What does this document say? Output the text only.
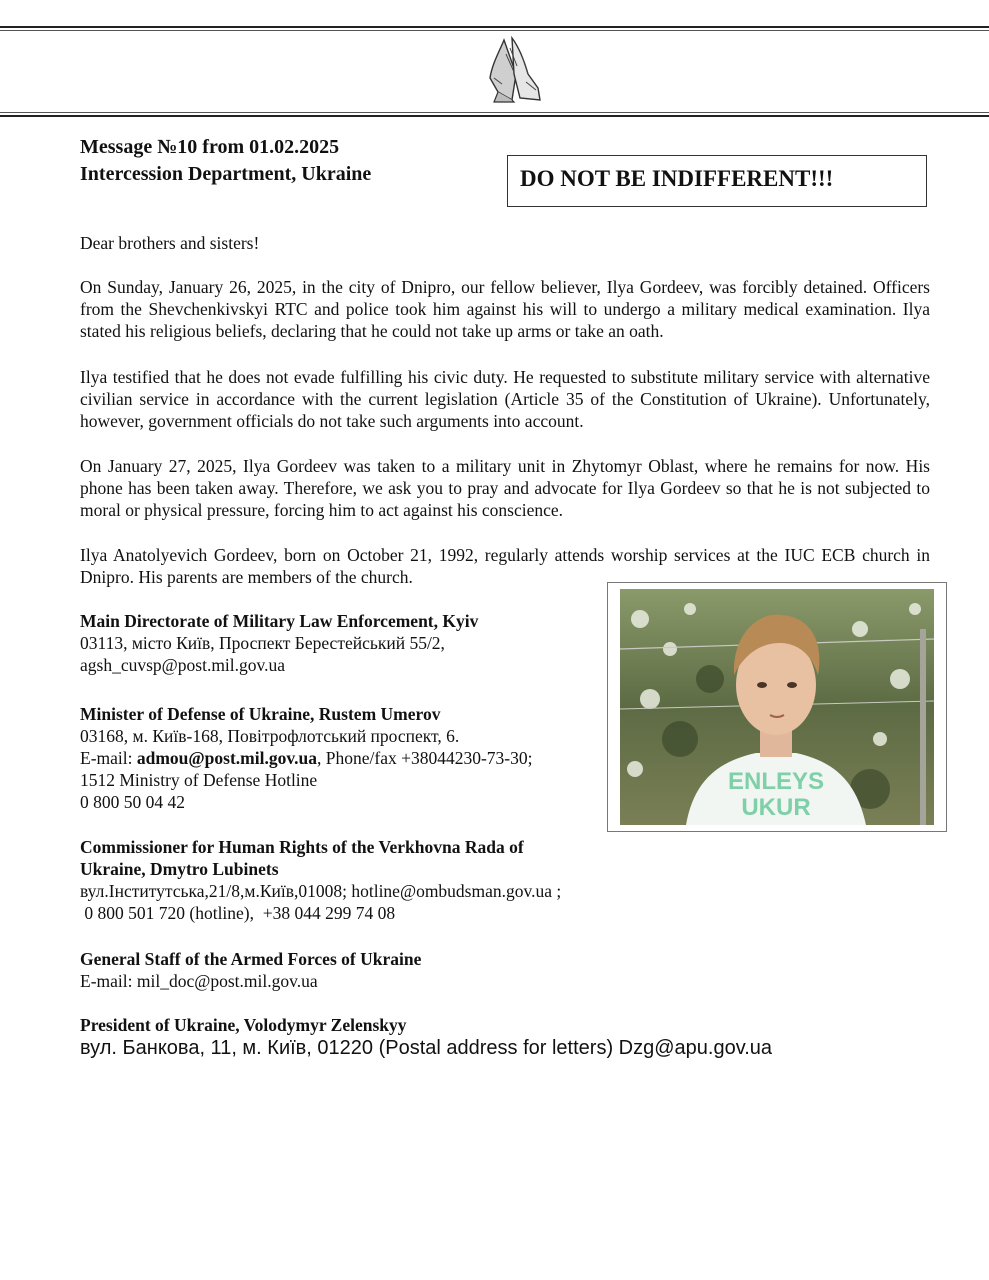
Message №10 from 01.02.2025
Intercession Department, Ukraine	DO NOT BE INDIFFERENT!!!
Dear brothers and sisters!
On Sunday, January 26, 2025, in the city of Dnipro, our fellow believer, Ilya Gordeev, was forcibly detained. Officers from the Shevchenkivskyi RTC and police took him against his will to undergo a military medical examination. Ilya stated his religious beliefs, declaring that he could not take up arms or take an oath.
Ilya testified that he does not evade fulfilling his civic duty. He requested to substitute military service with alternative civilian service in accordance with the current legislation (Article 35 of the Constitution of Ukraine). Unfortunately, however, government officials do not take such arguments into account.
On January 27, 2025, Ilya Gordeev was taken to a military unit in Zhytomyr Oblast, where he remains for now. His phone has been taken away. Therefore, we ask you to pray and advocate for Ilya Gordeev so that he is not subjected to moral or physical pressure, forcing him to act against his conscience.
Ilya Anatolyevich Gordeev, born on October 21, 1992, regularly attends worship services at the IUC ECB church in Dnipro. His parents are members of the church.
ENLEYS
UKUR
Main Directorate of Military Law Enforcement, Kyiv
03113, місто Київ, Проспект Берестейський 55/2,
agsh_cuvsp@post.mil.gov.ua
Minister of Defense of Ukraine, Rustem Umerov
03168, м. Київ-168, Повітрофлотський проспект, 6.
E-mail: admou@post.mil.gov.ua, Phone/fax +38044230-73-30;
1512 Ministry of Defense Hotline
0 800 50 04 42
Commissioner for Human Rights of the Verkhovna Rada of
Ukraine, Dmytro Lubinets
вул.Інститутська,21/8,м.Київ,01008; hotline@ombudsman.gov.ua ;
0 800 501 720 (hotline),  +38 044 299 74 08
General Staff of the Armed Forces of Ukraine
E-mail: mil_doc@post.mil.gov.ua
President of Ukraine, Volodymyr Zelenskyy
вул. Банкова, 11, м. Київ, 01220 (Postal address for letters) Dzg@apu.gov.ua
